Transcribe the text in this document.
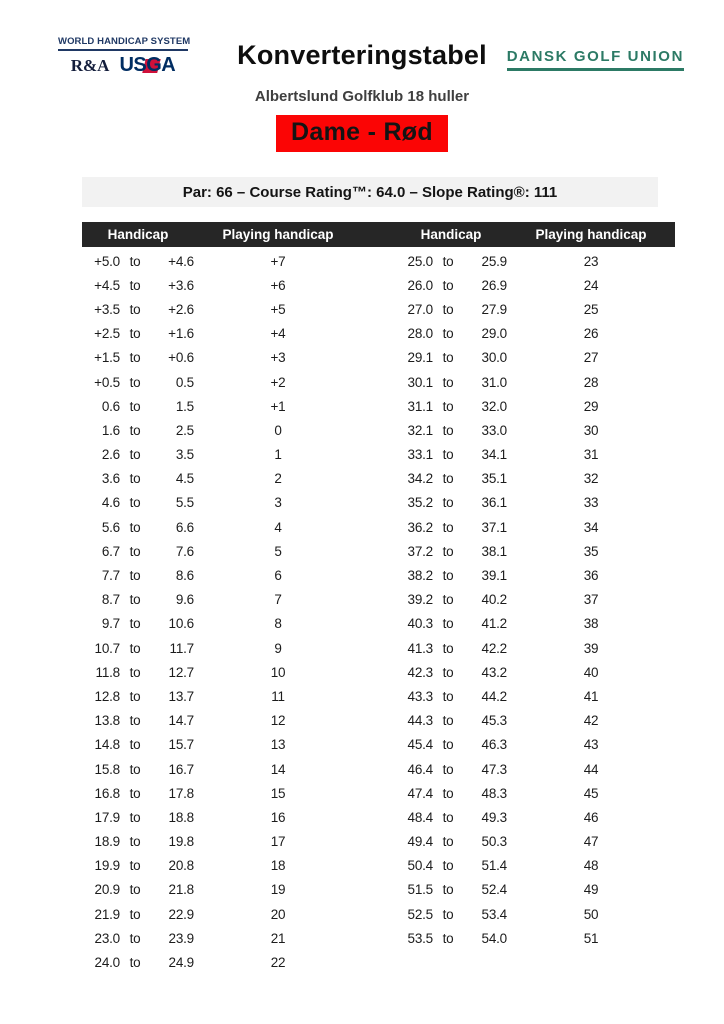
WORLD HANDICAP SYSTEM
R&A USGA	DANSK GOLF UNION
Konverteringstabel
Albertslund Golfklub 18 huller
Dame - Rød
Par: 66 – Course Rating™: 64.0 – Slope Rating®: 111
Handicap	Playing handicap	Handicap	Playing handicap
+5.0 to	+4.6	+7
+4.5 to	+3.6	+6
+3.5 to	+2.6	+5
+2.5 to	+1.6	+4
+1.5 to	+0.6	+3
+0.5 to	0.5	+2
0.6 to	1.5	+1
1.6 to	2.5	0
2.6 to	3.5	1
3.6 to	4.5	2
4.6 to	5.5	3
5.6 to	6.6	4
6.7 to	7.6	5
7.7 to	8.6	6
8.7 to	9.6	7
9.7 to	10.6	8
10.7 to	11.7	9
11.8 to	12.7	10
12.8 to	13.7	11
13.8 to	14.7	12
14.8 to	15.7	13
15.8 to	16.7	14
16.8 to	17.8	15
17.9 to	18.8	16
18.9 to	19.8	17
19.9 to	20.8	18
20.9 to	21.8	19
21.9 to	22.9	20
23.0 to	23.9	21
24.0 to	24.9	22
25.0 to	25.9	23
26.0 to	26.9	24
27.0 to	27.9	25
28.0 to	29.0	26
29.1 to	30.0	27
30.1 to	31.0	28
31.1 to	32.0	29
32.1 to	33.0	30
33.1 to	34.1	31
34.2 to	35.1	32
35.2 to	36.1	33
36.2 to	37.1	34
37.2 to	38.1	35
38.2 to	39.1	36
39.2 to	40.2	37
40.3 to	41.2	38
41.3 to	42.2	39
42.3 to	43.2	40
43.3 to	44.2	41
44.3 to	45.3	42
45.4 to	46.3	43
46.4 to	47.3	44
47.4 to	48.3	45
48.4 to	49.3	46
49.4 to	50.3	47
50.4 to	51.4	48
51.5 to	52.4	49
52.5 to	53.4	50
53.5 to	54.0	51
